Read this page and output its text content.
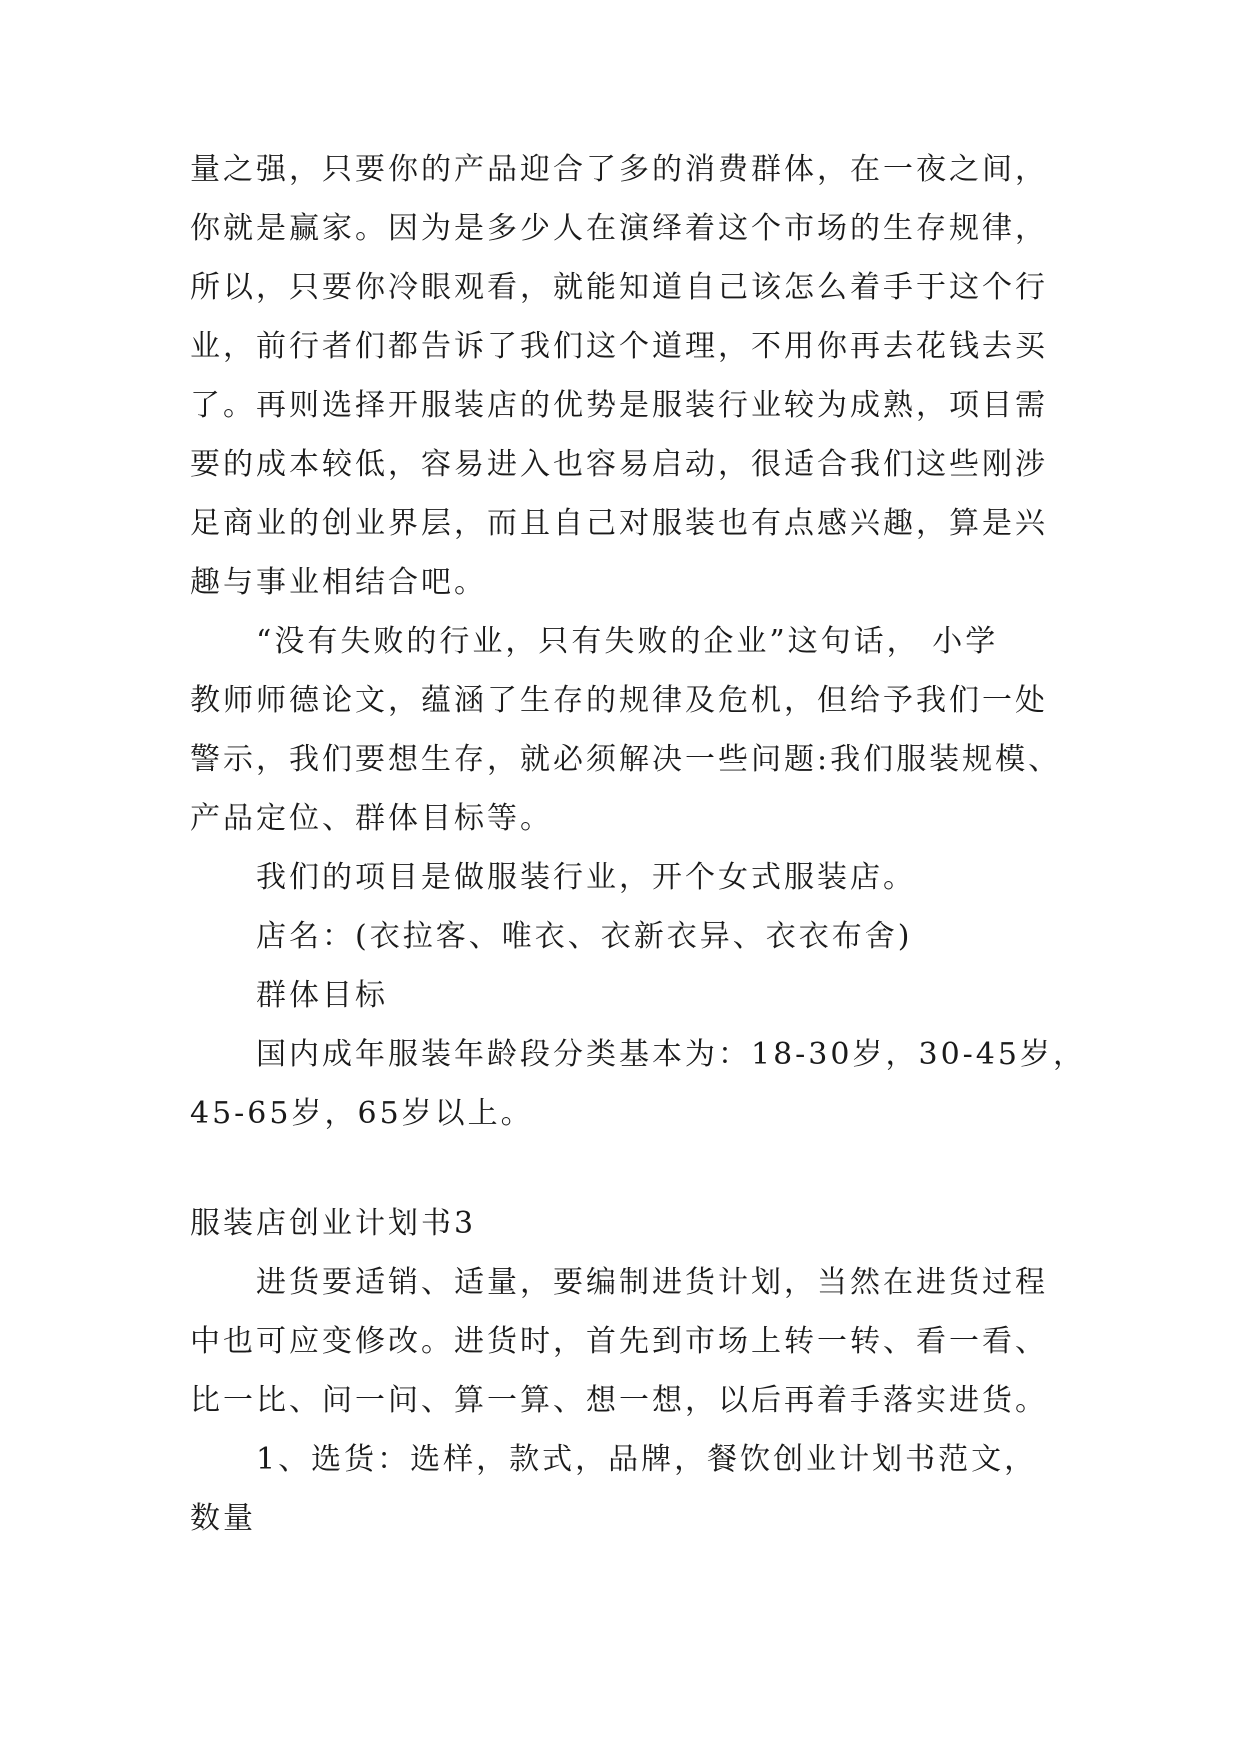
量之强，只要你的产品迎合了多的消费群体，在一夜之间，
你就是赢家。因为是多少人在演绎着这个市场的生存规律，
所以，只要你冷眼观看，就能知道自己该怎么着手于这个行
业，前行者们都告诉了我们这个道理，不用你再去花钱去买
了。再则选择开服装店的优势是服装行业较为成熟，项目需
要的成本较低，容易进入也容易启动，很适合我们这些刚涉
足商业的创业界层，而且自己对服装也有点感兴趣，算是兴
趣与事业相结合吧。
“没有失败的行业，只有失败的企业”这句话， 小学
教师师德论文，蕴涵了生存的规律及危机，但给予我们一处
警示，我们要想生存，就必须解决一些问题:我们服装规模、
产品定位、群体目标等。
我们的项目是做服装行业，开个女式服装店。
店名：(衣拉客、唯衣、衣新衣异、衣衣布舍)
群体目标
国内成年服装年龄段分类基本为：18-30岁，30-45岁，
45-65岁，65岁以上。
服装店创业计划书3
进货要适销、适量，要编制进货计划，当然在进货过程
中也可应变修改。进货时，首先到市场上转一转、看一看、
比一比、问一问、算一算、想一想，以后再着手落实进货。
1、选货：选样，款式，品牌，餐饮创业计划书范文，
数量
